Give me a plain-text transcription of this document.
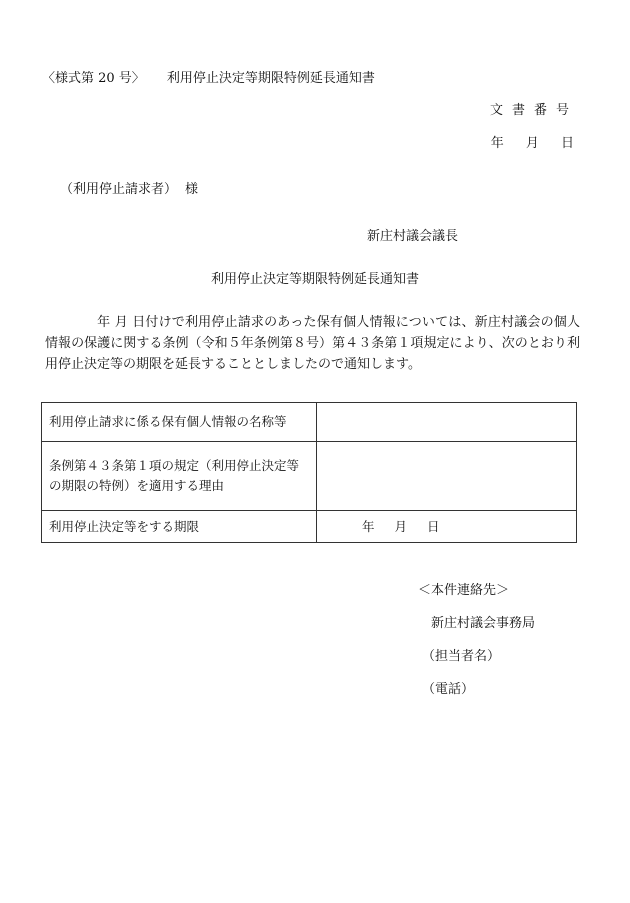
〈様式第 20 号〉 利用停止決定等期限特例延長通知書
文書番号
年 月 日
（利用停止請求者） 様
新庄村議会議長
利用停止決定等期限特例延長通知書
年 月 日付けで利用停止請求のあった保有個人情報については、新庄村議会の個人情報の保護に関する条例（令和５年条例第８号）第４３条第１項規定により、次のとおり利用停止決定等の期限を延長することとしましたので通知します。
利用停止請求に係る保有個人情報の名称等	
条例第４３条第１項の規定（利用停止決定等の期限の特例）を適用する理由	
利用停止決定等をする期限	年 月 日
＜本件連絡先＞
新庄村議会事務局
（担当者名）
（電話）
